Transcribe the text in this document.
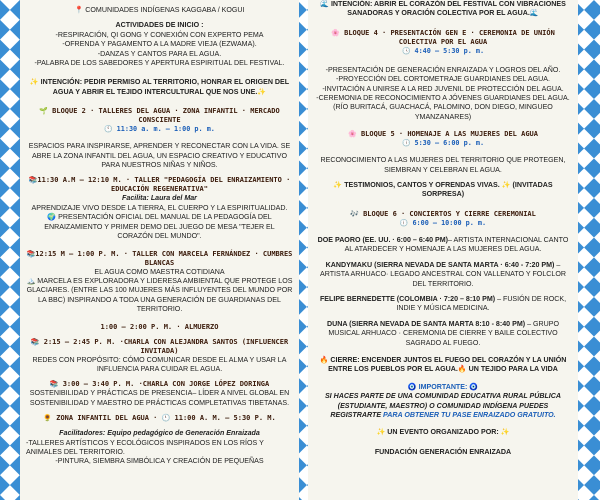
📍 COMUNIDADES INDÍGENAS KAGGABA / KOGUI

ACTIVIDADES DE INICIO :

-RESPIRACIÓN, QI GONG Y CONEXIÓN CON EXPERTO PEMA

-OFRENDA Y PAGAMENTO A LA MADRE VIEJA (EZWAMA).

-DANZAS Y CANTOS PARA EL AGUA.

-PALABRA DE LOS SABEDORES Y APERTURA ESPIRITUAL DEL FESTIVAL.

✨ INTENCIÓN: PEDIR PERMISO AL TERRITORIO, HONRAR EL ORIGEN DEL AGUA Y ABRIR EL TEJIDO INTERCULTURAL QUE NOS UNE.✨

🌱 BLOQUE 2 · TALLERES DEL AGUA · ZONA INFANTIL · MERCADO CONSCIENTE

🕚 11:30 a. m. – 1:00 p. m.

ESPACIOS PARA INSPIRARSE, APRENDER Y RECONECTAR CON LA VIDA. SE ABRE LA ZONA INFANTIL DEL AGUA, UN ESPACIO CREATIVO Y EDUCATIVO PARA NUESTROS NIÑAS Y NIÑOS.

📚11:30 A.M – 12:10 M. · TALLER "PEDAGOGÍA DEL ENRAIZAMIENTO · EDUCACIÓN REGENERATIVA"

Facilita: Laura del Mar

APRENDIZAJE VIVO DESDE LA TIERRA, EL CUERPO Y LA ESPIRITUALIDAD.

🌍 PRESENTACIÓN OFICIAL DEL MANUAL DE LA PEDAGOGÍA DEL ENRAIZAMIENTO Y PRIMER DEMO DEL JUEGO DE MESA "TEJER EL CORAZÓN DEL MUNDO".

📚12:15 M – 1:00 P. M. · TALLER CON MARCELA FERNÁNDEZ · CUMBRES BLANCAS

EL AGUA COMO MAESTRA COTIDIANA

🏔️ MARCELA ES EXPLORADORA Y LIDERESA AMBIENTAL QUE PROTEGE LOS GLACIARES. (ENTRE LAS 100 MUJERES MÁS INFLUYENTES DEL MUNDO POR LA BBC) INSPIRANDO A TODA UNA GENERACIÓN DE GUARDIANAS DEL TERRITORIO.

1:00 – 2:00 P. M. · ALMUERZO

📚 2:15 – 2:45 P. M. ·CHARLA CON ALEJANDRA SANTOS (INFLUENCER INVITADA)

REDES CON PROPÓSITO: CÓMO COMUNICAR DESDE EL ALMA Y USAR LA INFLUENCIA PARA CUIDAR EL AGUA.

📚 3:00 – 3:40 P. M. ·CHARLA CON JORGE LÓPEZ DORINGA

SOSTENIBILIDAD Y PRÁCTICAS DE PRESENCIA– LÍDER A NIVEL GLOBAL EN SOSTENIBILIDAD Y MAESTRO DE PRÁCTICAS COMPLETATIVAS TIBETANAS.

🌻 ZONA INFANTIL DEL AGUA · 🕚 11:00 A. M. – 5:30 P. M.

Facilitadores: Equipo pedagógico de Generación Enraizada

-TALLERES ARTÍSTICOS Y ECOLÓGICOS INSPIRADOS EN LOS RÍOS Y ANIMALES DEL TERRITORIO.

-PINTURA, SIEMBRA SIMBÓLICA Y CREACIÓN DE PEQUEÑAS

🌊 INTENCIÓN: ABRIR EL CORAZÓN DEL FESTIVAL CON VIBRACIONES SANADORAS Y ORACIÓN COLECTIVA POR EL AGUA.🌊

🌸 BLOQUE 4 · PRESENTACIÓN GEN E · CEREMONIA DE UNIÓN COLECTIVA POR EL AGUA

🕓 4:40 – 5:30 p. m.

-PRESENTACIÓN DE GENERACIÓN ENRAIZADA Y LOGROS DEL AÑO.

-PROYECCIÓN DEL CORTOMETRAJE GUARDIANES DEL AGUA.

-INVITACIÓN A UNIRSE A LA RED JUVENIL DE PROTECCIÓN DEL AGUA.

-CEREMONIA DE RECONOCIMIENTO A JÓVENES GUARDIANES DEL AGUA. (RÍO BURITACÁ, GUACHACÁ, PALOMINO, DON DIEGO, MINGUEO YMANZANARES)

🌸 BLOQUE 5 · HOMENAJE A LAS MUJERES DEL AGUA

🕔 5:30 – 6:00 p. m.

RECONOCIMIENTO A LAS MUJERES DEL TERRITORIO QUE PROTEGEN, SIEMBRAN Y CELEBRAN EL AGUA.

✨ TESTIMONIOS, CANTOS Y OFRENDAS VIVAS. ✨ (INVITADAS SORPRESA)

🎶 BLOQUE 6 · CONCIERTOS Y CIERRE CEREMONIAL

🕕 6:00 – 10:00 p. m.

DOE PAORO (EE. UU. · 6:00 – 6:40 PM)– ARTISTA INTERNACIONAL CANTO AL ATARDECER Y HOMENAJE A LAS MUJERES DEL AGUA.

KANDYMAKU (SIERRA NEVADA DE SANTA MARTA · 6:40 - 7:20 PM) – ARTISTA ARHUACO· LEGADO ANCESTRAL CON VALLENATO Y FOLCLOR DEL TERRITORIO.

FELIPE BERNEDETTE (COLOMBIA · 7:20 – 8:10 PM) – FUSIÓN DE ROCK, INDIE Y MÚSICA MEDICINA.

DUNA (SIERRA NEVADA DE SANTA MARTA 8:10 - 8:40 PM) – GRUPO MUSICAL ARHUACO · CEREMONIA DE CIERRE Y BAILE COLECTIVO SAGRADO AL FUEGO.

🔥 CIERRE: ENCENDER JUNTOS EL FUEGO DEL CORAZÓN Y LA UNIÓN ENTRE LOS PUEBLOS POR EL AGUA.🔥 UN TEJIDO PARA LA VIDA

🧿 IMPORTANTE: 🧿

SI HACES PARTE DE UNA COMUNIDAD EDUCATIVA RURAL PÚBLICA (ESTUDIANTE, MAESTRO) O COMUNIDAD INDÍGENA PUEDES REGISTRARTE PARA OBTENER TU PASE ENRAIZADO GRATUITO.

✨ UN EVENTO ORGANIZADO POR: ✨

FUNDACIÓN GENERACIÓN ENRAIZADA
